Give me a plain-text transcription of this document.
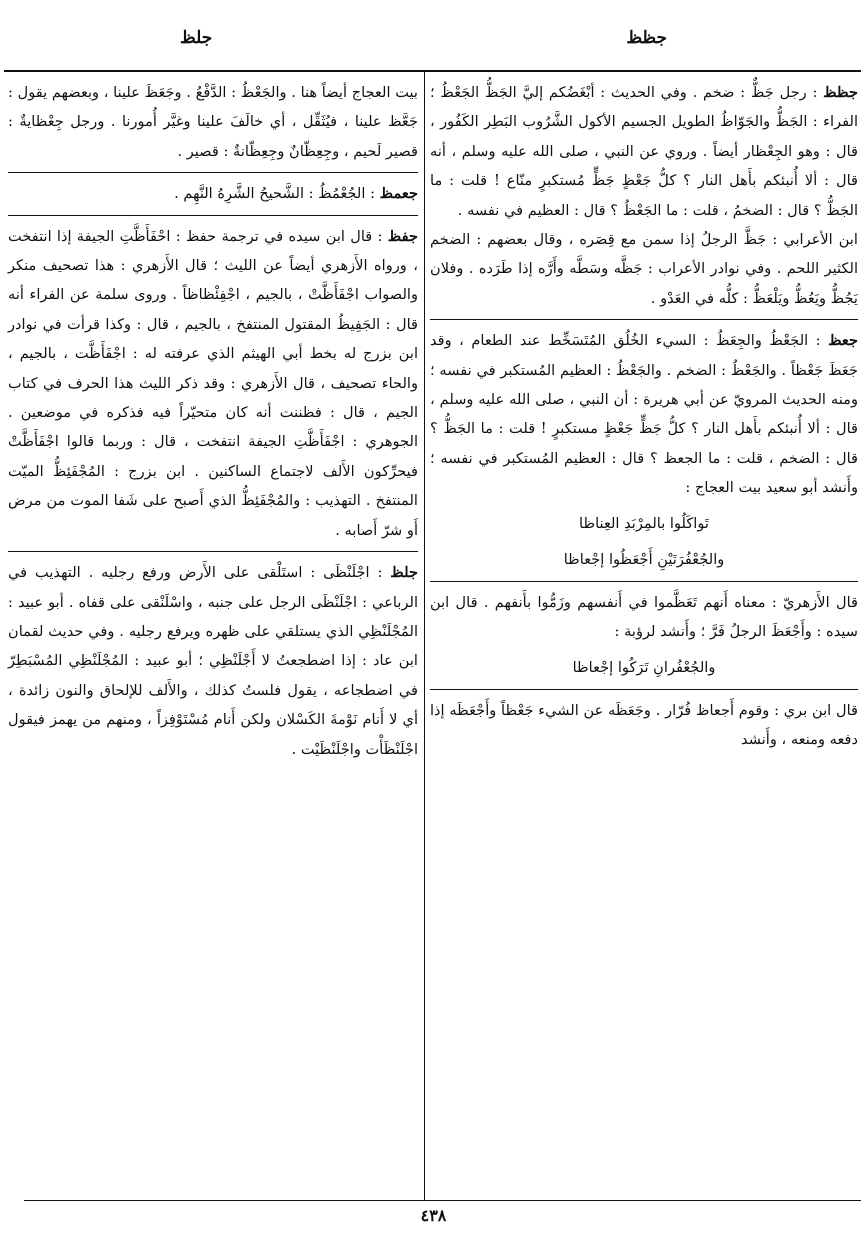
جظظ
جلظ

جظظ : رجل جَظٌّ : ضخم . وفي الحديث : أبْغَضُكم إليَّ الجَظُّ الجَعْظُ ؛ الفراء : الجَظُّ والجَوّاظُ الطويل الجسيم الأكول الشَّرُوب البَطِر الكَفُور ، قال : وهو الجِعْظار أيضاً . وروي عن النبي ، صلى الله عليه وسلم ، أنه قال : ألا أُنبئكم بأَهل النار ؟ كلُّ جَعْظٍ جَظٍّ مُستكبرٍ منّاع ! قلت : ما الجَظُّ ؟ قال : الضخمُ ، قلت : ما الجَعْظُ ؟ قال : العظيم في نفسه .

ابن الأعرابي : جَظَّ الرجلُ إذا سمن مع قِصَره ، وقال بعضهم : الضخم الكثير اللحم . وفي نوادر الأعراب : جَظَّه وسَطَّه وأَرَّه إذا طَرَده . وفلان يَجُظُّ ويَعُظُّ ويَلْعَظُّ : كلُّه في العَدْو .

جعظ : الجَعْظُ والجِعَظُ : السيء الخُلُق المُتَسَخِّط عند الطعام ، وقد جَعَظَ جَعْظاً . والجَعْظُ : الضخم . والجَعْظُ : العظيم المُستكبر في نفسه ؛ ومنه الحديث المرويّ عن أبي هريرة : أن النبي ، صلى الله عليه وسلم ، قال : ألا أُنبئكم بأَهل النار ؟ كلُّ جَظٍّ جَعْظٍ مستكبرٍ ! قلت : ما الجَظُّ ؟ قال : الضخم ، قلت : ما الجعظ ؟ قال : العظيم المُستكبر في نفسه ؛ وأَنشد أبو سعيد بيت العجاج :

تَواكَلُوا بالمِرْبَدِ العِناظا
والجُعْفُرَتَيْنِ أَجْعَظُوا إجْعاظا

قال الأَزهريّ : معناه أَنهم تَعَظَّموا في أَنفسهم وزَمُّوا بأَنفهم . قال ابن سيده : وأَجْعَظَ الرجلُ فَرَّ ؛ وأَنشد لرؤبة :

والجُعْفُرانِ تَرَكُوا إجْعاظا

قال ابن بري : وقوم أَجعاظ فُرّار . وجَعَظَه عن الشيء جَعْظاً وأَجْعَظَه إذا دفعه ومنعه ، وأَنشد

بيت العجاج أيضاً هنا . والجَعْظُ : الدَّفْعُ . وجَعَظَ علينا ، وبعضهم يقول : جَعَّظ علينا ، فيُثَقِّل ، أي خالَفَ علينا وغيَّر أُمورنا . ورجل جِعْظايةٌ : قصير لَحيم ، وجِعِظّانٌ وجِعِظّانةٌ : قصير .

جعمظ : الجُعْمُظُ : الشَّحيحُ الشَّرِهُ النَّهِم .

جفظ : قال ابن سيده في ترجمة حفظ : احْفَأَظَّتِ الجيفة إذا انتفخت ، ورواه الأَزهري أيضاً عن الليث ؛ قال الأَزهري : هذا تصحيف منكر والصواب اجْفَأَظَّتْ ، بالجيم ، اجْفِئْظاظاً . وروى سلمة عن الفراء أنه قال : الجَفِيظُ المقتول المنتفخ ، بالجيم ، قال : وكذا قرأت في نوادر ابن بزرج له بخط أبي الهيثم الذي عرفته له : اجْفَأَظَّت ، بالجيم ، والحاء تصحيف ، قال الأَزهري : وقد ذكر الليث هذا الحرف في كتاب الجيم ، قال : فظننت أنه كان متحيّراً فيه فذكره في موضعين . الجوهري : اجْفَأَظَّتِ الجيفة انتفخت ، قال : وربما قالوا اجْفَأَظَّتْ فيحرِّكون الأَلف لاجتماع الساكنين . ابن بزرج : المُجْفَئِظُّ الميّت المنتفخ . التهذيب : والمُجْفَئِظُّ الذي أَصبح على شَفا الموت من مرض أَو شرّ أَصابه .

جلظ : اجْلَنْظَى : استَلْقى على الأَرض ورفع رجليه . التهذيب في الرباعي : اجْلَنْظَى الرجل على جنبه ، واسْلَنْقى على قفاه . أبو عبيد : المُجْلَنْظِي الذي يستلقي على ظهره ويرفع رجليه . وفي حديث لقمان ابن عاد : إذا اضطجعتُ لا أَجْلَنْظِي ؛ أبو عبيد : المُجْلَنْظِي المُسْبَطِرّ في اضطجاعه ، يقول فلستُ كذلك ، والأَلف للإلحاق والنون زائدة ، أي لا أَنام نَوْمةَ الكَسْلان ولكن أَنام مُسْتَوْفِزاً ، ومنهم من يهمز فيقول اجْلَنْظَأْت واجْلَنْظَيْت .

٤٣٨
